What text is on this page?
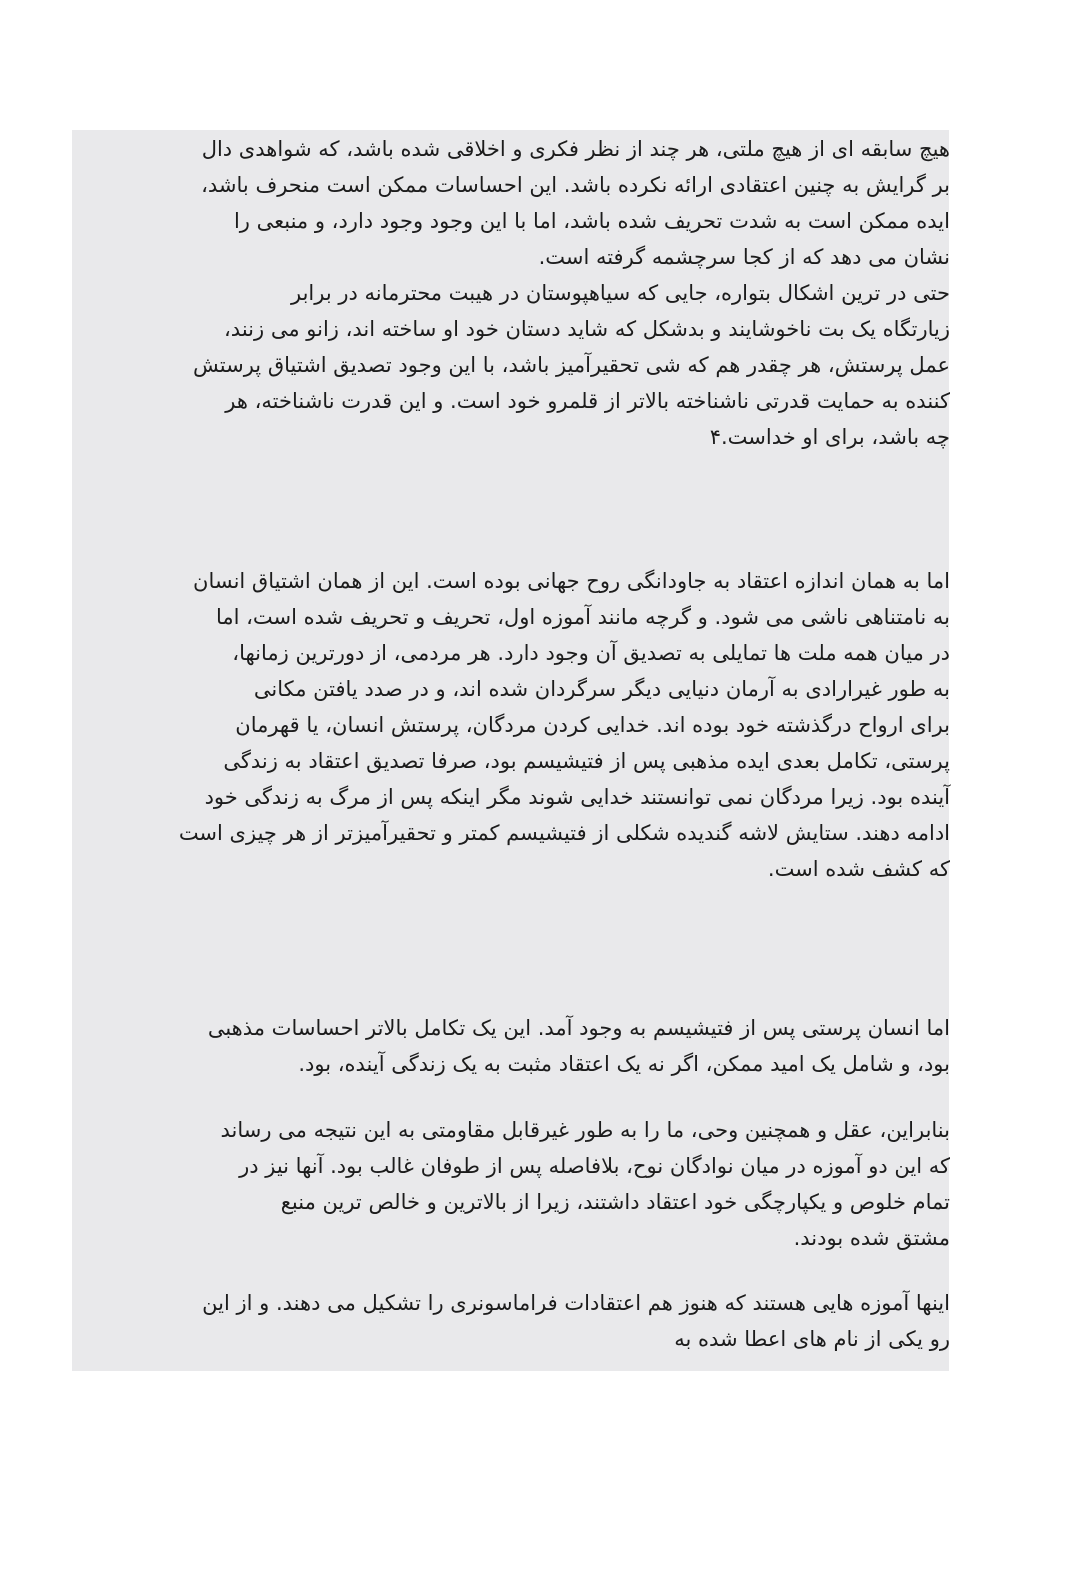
هیچ سابقه ای از هیچ ملتی، هر چند از نظر فکری و اخلاقی شده باشد، که شواهدی دال
بر گرایش به چنین اعتقادی ارائه نکرده باشد. این احساسات ممکن است منحرف باشد،
ایده ممکن است به شدت تحریف شده باشد، اما با این وجود وجود دارد، و منبعی را
نشان می دهد که از کجا سرچشمه گرفته است.
حتی در ترین اشکال بتواره، جایی که سیاهپوستان در هیبت محترمانه در برابر
زیارتگاه یک بت ناخوشایند و بدشکل که شاید دستان خود او ساخته اند، زانو می زنند،
عمل پرستش، هر چقدر هم که شی تحقیرآمیز باشد، با این وجود تصدیق اشتیاق پرستش
کننده به حمایت قدرتی ناشناخته بالاتر از قلمرو خود است. و این قدرت ناشناخته، هر
چه باشد، برای او خداست.۴
اما به همان اندازه اعتقاد به جاودانگی روح جهانی بوده است. این از همان اشتیاق انسان
به نامتناهی ناشی می شود. و گرچه مانند آموزه اول، تحریف و تحریف شده است، اما
در میان همه ملت ها تمایلی به تصدیق آن وجود دارد. هر مردمی، از دورترین زمانها،
به طور غیرارادی به آرمان دنیایی دیگر سرگردان شده اند، و در صدد یافتن مکانی
برای ارواح درگذشته خود بوده اند. خدایی کردن مردگان، پرستش انسان، یا قهرمان
پرستی، تکامل بعدی ایده مذهبی پس از فتیشیسم بود، صرفا تصدیق اعتقاد به زندگی
آینده بود. زیرا مردگان نمی توانستند خدایی شوند مگر اینکه پس از مرگ به زندگی خود
ادامه دهند. ستایش لاشه گندیده شکلی از فتیشیسم کمتر و تحقیرآمیزتر از هر چیزی است
که کشف شده است.
اما انسان پرستی پس از فتیشیسم به وجود آمد. این یک تکامل بالاتر احساسات مذهبی
بود، و شامل یک امید ممکن، اگر نه یک اعتقاد مثبت به یک زندگی آینده، بود.
بنابراین، عقل و همچنین وحی، ما را به طور غیرقابل مقاومتی به این نتیجه می رساند
که این دو آموزه در میان نوادگان نوح، بلافاصله پس از طوفان غالب بود. آنها نیز در
تمام خلوص و یکپارچگی خود اعتقاد داشتند، زیرا از بالاترین و خالص ترین منبع
مشتق شده بودند.
اینها آموزه هایی هستند که هنوز هم اعتقادات فراماسونری را تشکیل می دهند. و از این
رو یکی از نام های اعطا شده به
